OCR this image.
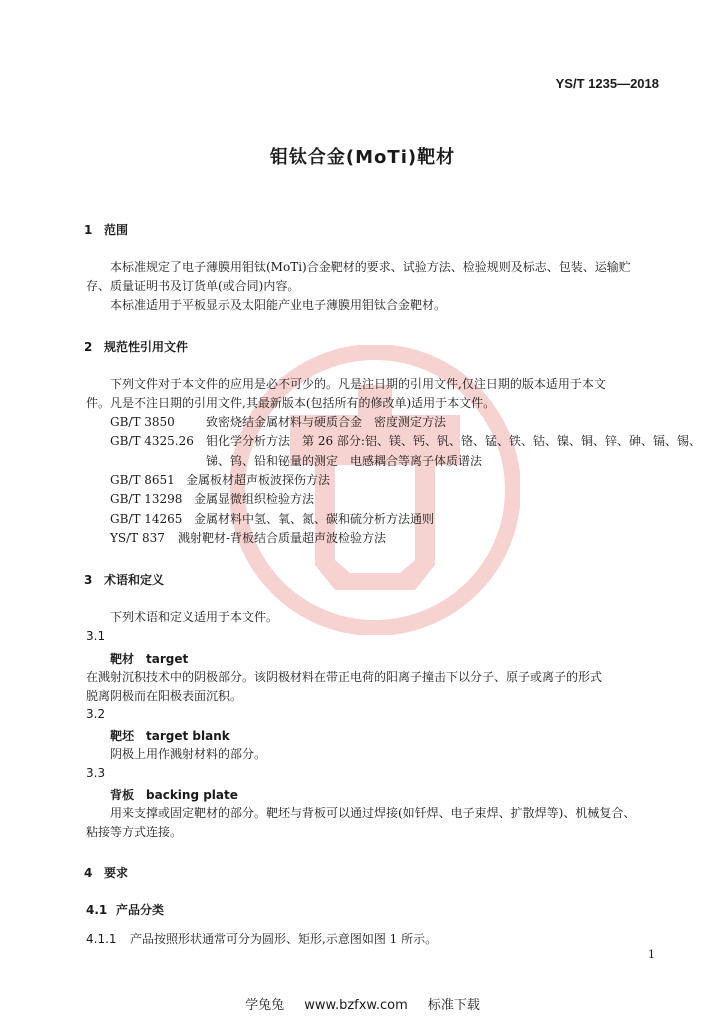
YS/T 1235—2018
钼钛合金(MoTi)靶材
1 范围
本标准规定了电子薄膜用钼钛(MoTi)合金靶材的要求、试验方法、检验规则及标志、包装、运输贮
存、质量证明书及订货单(或合同)内容。
本标准适用于平板显示及太阳能产业电子薄膜用钼钛合金靶材。
2 规范性引用文件
下列文件对于本文件的应用是必不可少的。凡是注日期的引用文件,仅注日期的版本适用于本文
件。凡是不注日期的引用文件,其最新版本(包括所有的修改单)适用于本文件。
GB/T 3850	致密烧结金属材料与硬质合金　密度测定方法
GB/T 4325.26 钼化学分析方法　第 26 部分:铝、镁、钙、钒、铬、锰、铁、钴、镍、铜、锌、砷、镉、锡、
锑、钨、铅和铋量的测定　电感耦合等离子体质谱法
GB/T 8651 金属板材超声板波探伤方法
GB/T 13298 金属显微组织检验方法
GB/T 14265 金属材料中氢、氧、氮、碳和硫分析方法通则
YS/T 837 溅射靶材-背板结合质量超声波检验方法
3 术语和定义
下列术语和定义适用于本文件。
3.1
靶材 target
在溅射沉积技术中的阴极部分。该阴极材料在带正电荷的阳离子撞击下以分子、原子或离子的形式
脱离阴极而在阳极表面沉积。
3.2
靶坯 target blank
阴极上用作溅射材料的部分。
3.3
背板 backing plate
用来支撑或固定靶材的部分。靶坯与背板可以通过焊接(如钎焊、电子束焊、扩散焊等)、机械复合、
粘接等方式连接。
4 要求
4.1 产品分类
4.1.1 产品按照形状通常可分为圆形、矩形,示意图如图 1 所示。
1
学兔兔 www.bzfxw.com 标准下载
